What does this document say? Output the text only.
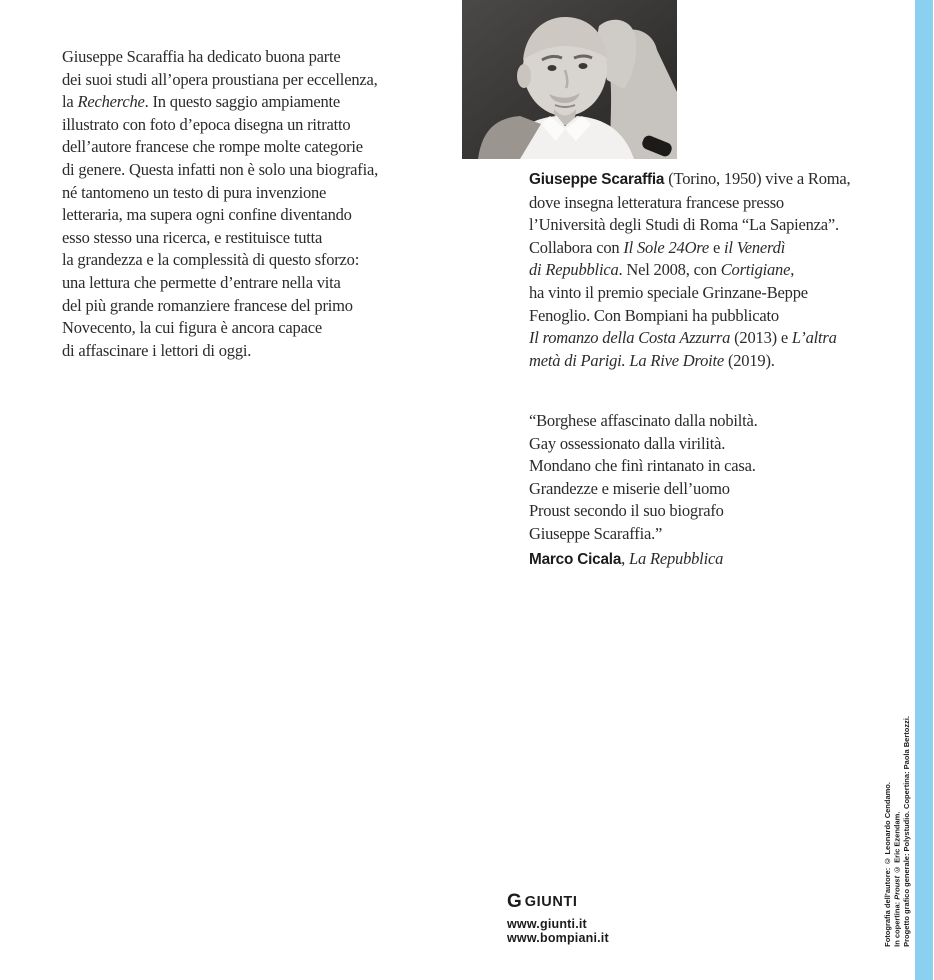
Giuseppe Scaraffia ha dedicato buona parte
dei suoi studi all’opera proustiana per eccellenza,
la Recherche. In questo saggio ampiamente
illustrato con foto d’epoca disegna un ritratto
dell’autore francese che rompe molte categorie
di genere. Questa infatti non è solo una biografia,
né tantomeno un testo di pura invenzione
letteraria, ma supera ogni confine diventando
esso stesso una ricerca, e restituisce tutta
la grandezza e la complessità di questo sforzo:
una lettura che permette d’entrare nella vita
del più grande romanziere francese del primo
Novecento, la cui figura è ancora capace
di affascinare i lettori di oggi.
Giuseppe Scaraffia (Torino, 1950) vive a Roma,
dove insegna letteratura francese presso
l’Università degli Studi di Roma “La Sapienza”.
Collabora con Il Sole 24Ore e il Venerdì
di Repubblica. Nel 2008, con Cortigiane,
ha vinto il premio speciale Grinzane-Beppe
Fenoglio. Con Bompiani ha pubblicato
Il romanzo della Costa Azzurra (2013) e L’altra
metà di Parigi. La Rive Droite (2019).
“Borghese affascinato dalla nobiltà.
Gay ossessionato dalla virilità.
Mondano che finì rintanato in casa.
Grandezze e miserie dell’uomo
Proust secondo il suo biografo
Giuseppe Scaraffia.”
Marco Cicala, La Repubblica
G GIUNTI
www.giunti.it
www.bompiani.it	Fotografia dell’autore: © Leonardo Cendamo.
In copertina: Proust © Eric Ezendam.
Progetto grafico generale: Polystudio. Copertina: Paola Bertozzi.
